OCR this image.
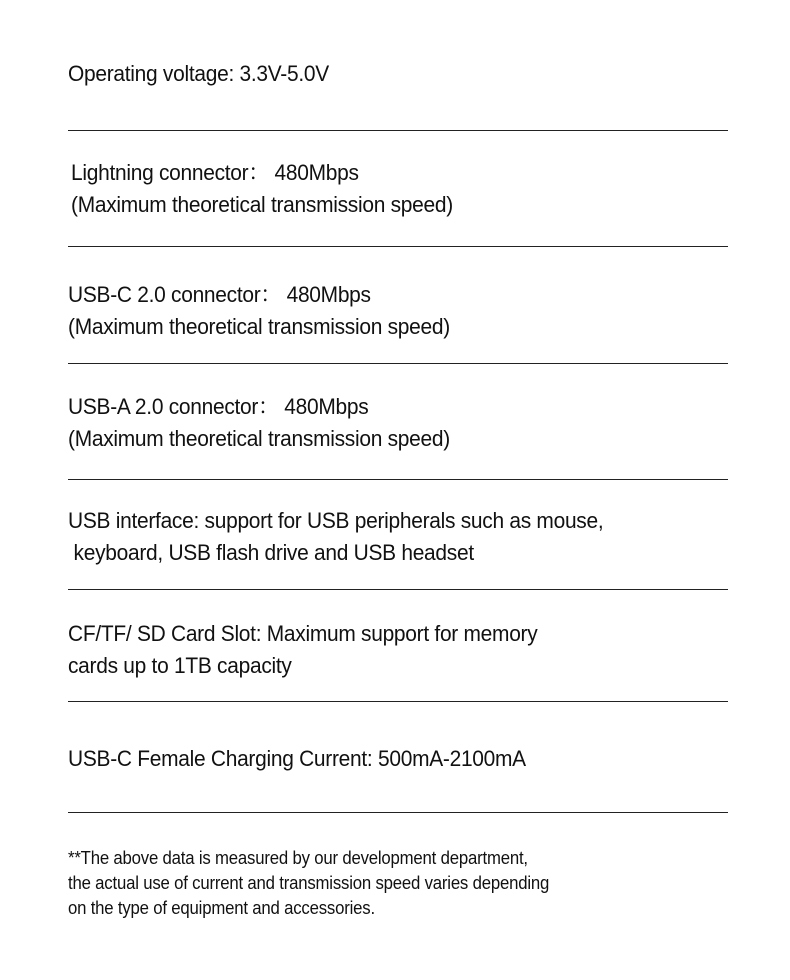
Operating voltage: 3.3V-5.0V
Lightning connector： 480Mbps
(Maximum theoretical transmission speed)
USB-C 2.0 connector： 480Mbps
(Maximum theoretical transmission speed)
USB-A 2.0 connector： 480Mbps
(Maximum theoretical transmission speed)
USB interface: support for USB peripherals such as mouse,
keyboard, USB flash drive and USB headset
CF/TF/ SD Card Slot: Maximum support for memory
cards up to 1TB capacity
USB-C Female Charging Current: 500mA-2100mA
**The above data is measured by our development department,
the actual use of current and transmission speed varies depending
on the type of equipment and accessories.
